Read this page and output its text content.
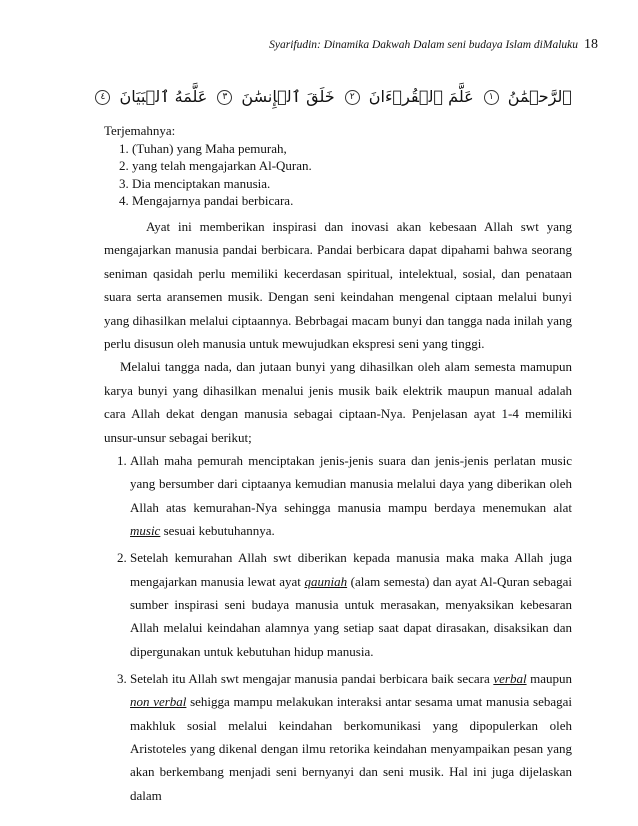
Syarifudin: Dinamika Dakwah Dalam seni budaya Islam diMaluku 18
ٱلرَّحۡمَٰنُ١ عَلَّمَ ٱلۡقُرۡءَانَ٢ خَلَقَ ٱلۡإِنسَٰنَ٣ عَلَّمَهُ ٱلۡبَيَانَ٤
Terjemahnya:
1. (Tuhan) yang Maha pemurah,
2. yang telah mengajarkan Al-Quran.
3. Dia menciptakan manusia.
4. Mengajarnya pandai berbicara.

Ayat ini memberikan inspirasi dan inovasi akan kebesaan Allah swt yang mengajarkan manusia pandai berbicara. Pandai berbicara dapat dipahami bahwa seorang seniman qasidah perlu memiliki kecerdasan spiritual, intelektual, sosial, dan penataan suara serta aransemen musik. Dengan seni keindahan mengenal ciptaan melalui bunyi yang dihasilkan melalui ciptaannya. Bebrbagai macam bunyi dan tangga nada inilah yang perlu disusun oleh manusia untuk mewujudkan ekspresi seni yang tinggi.

Melalui tangga nada, dan jutaan bunyi yang dihasilkan oleh alam semesta mamupun karya bunyi yang dihasilkan menalui jenis musik baik elektrik maupun manual adalah cara Allah dekat dengan manusia sebagai ciptaan-Nya. Penjelasan ayat 1-4 memiliki unsur-unsur sebagai berikut;

1. Allah maha pemurah menciptakan jenis-jenis suara dan jenis-jenis perlatan music yang bersumber dari ciptaanya kemudian manusia melalui daya yang diberikan oleh Allah atas kemurahan-Nya sehingga manusia mampu berdaya menemukan alat music sesuai kebutuhannya.
2. Setelah kemurahan Allah swt diberikan kepada manusia maka maka Allah juga mengajarkan manusia lewat ayat qauniah (alam semesta) dan ayat Al-Quran sebagai sumber inspirasi seni budaya manusia untuk merasakan, menyaksikan kebesaran Allah melalui keindahan alamnya yang setiap saat dapat dirasakan, disaksikan dan dipergunakan untuk kebutuhan hidup manusia.
3. Setelah itu Allah swt mengajar manusia pandai berbicara baik secara verbal maupun non verbal sehigga mampu melakukan interaksi antar sesama umat manusia sebagai makhluk sosial melalui keindahan berkomunikasi yang dipopulerkan oleh Aristoteles yang dikenal dengan ilmu retorika keindahan menyampaikan pesan yang akan berkembang menjadi seni bernyanyi dan seni musik. Hal ini juga dijelaskan dalam
